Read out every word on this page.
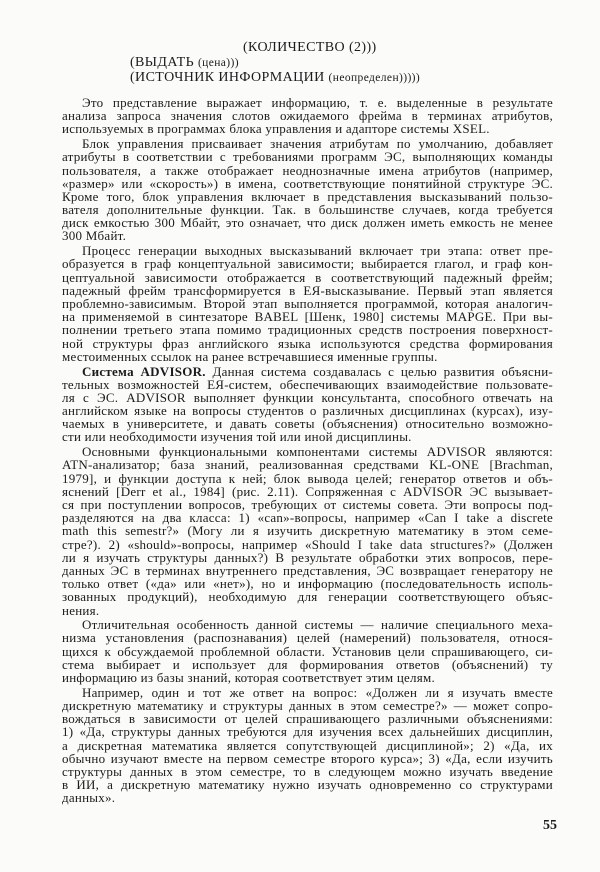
(КОЛИЧЕСТВО (2)))
(ВЫДАТЬ (цена)))
(ИСТОЧНИК ИНФОРМАЦИИ (неопределен)))))
Это представление выражает информацию, т. е. выделенные в результате
анализа запроса значения слотов ожидаемого фрейма в терминах атрибутов,
используемых в программах блока управления и адапторе системы XSEL.
Блок управления присваивает значения атрибутам по умолчанию, добавляет
атрибуты в соответствии с требованиями программ ЭС, выполняющих команды
пользователя, а также отображает неоднозначные имена атрибутов (например,
«размер» или «скорость») в имена, соответствующие понятийной структуре ЭС.
Кроме того, блок управления включает в представления высказываний пользо-
вателя дополнительные функции. Так. в большинстве случаев, когда требуется
диск емкостью 300 Мбайт, это означает, что диск должен иметь емкость не менее
300 Мбайт.
Процесс генерации выходных высказываний включает три этапа: ответ пре-
образуется в граф концептуальной зависимости; выбирается глагол, и граф кон-
цептуальной зависимости отображается в соответствующий падежный фрейм;
падежный фрейм трансформируется в ЕЯ-высказывание. Первый этап является
проблемно-зависимым. Второй этап выполняется программой, которая аналогич-
на применяемой в синтезаторе BABEL [Шенк, 1980] системы MAPGE. При вы-
полнении третьего этапа помимо традиционных средств построения поверхност-
ной структуры фраз английского языка используются средства формирования
местоименных ссылок на ранее встречавшиеся именные группы.
Система ADVISOR. Данная система создавалась с целью развития объясни-
тельных возможностей ЕЯ-систем, обеспечивающих взаимодействие пользовате-
ля с ЭС. ADVISOR выполняет функции консультанта, способного отвечать на
английском языке на вопросы студентов о различных дисциплинах (курсах), изу-
чаемых в университете, и давать советы (объяснения) относительно возможно-
сти или необходимости изучения той или иной дисциплины.
Основными функциональными компонентами системы ADVISOR являются:
ATN-анализатор; база знаний, реализованная средствами KL-ONE [Brachman,
1979], и функции доступа к ней; блок вывода целей; генератор ответов и объ-
яснений [Derr et al., 1984] (рис. 2.11). Сопряженная с ADVISOR ЭС вызывает-
ся при поступлении вопросов, требующих от системы совета. Эти вопросы под-
разделяются на два класса: 1) «can»-вопросы, например «Can I take a discrete
math this semestr?» (Могу ли я изучить дискретную математику в этом семе-
стре?). 2) «should»-вопросы, например «Should I take data structures?» (Должен
ли я изучать структуры данных?) В результате обработки этих вопросов, пере-
данных ЭС в терминах внутреннего представления, ЭС возвращает генератору не
только ответ («да» или «нет»), но и информацию (последовательность исполь-
зованных продукций), необходимую для генерации соответствующего объяс-
нения.
Отличительная особенность данной системы — наличие специального меха-
низма установления (распознавания) целей (намерений) пользователя, относя-
щихся к обсуждаемой проблемной области. Установив цели спрашивающего, си-
стема выбирает и использует для формирования ответов (объяснений) ту
информацию из базы знаний, которая соответствует этим целям.
Например, один и тот же ответ на вопрос: «Должен ли я изучать вместе
дискретную математику и структуры данных в этом семестре?» — может сопро-
вождаться в зависимости от целей спрашивающего различными объяснениями:
1) «Да, структуры данных требуются для изучения всех дальнейших дисциплин,
а дискретная математика является сопутствующей дисциплиной»; 2) «Да, их
обычно изучают вместе на первом семестре второго курса»; 3) «Да, если изучить
структуры данных в этом семестре, то в следующем можно изучать введение
в ИИ, а дискретную математику нужно изучать одновременно со структурами
данных».
55
